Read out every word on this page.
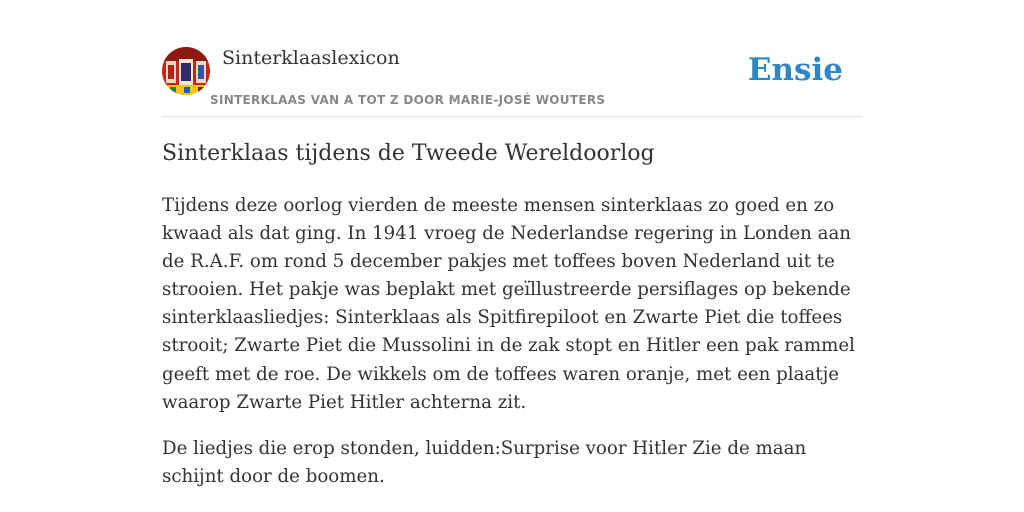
Sinterklaaslexicon
SINTERKLAAS VAN A TOT Z DOOR MARIE-JOSÉ WOUTERS
Ensie
Sinterklaas tijdens de Tweede Wereldoorlog

Tijdens deze oorlog vierden de meeste mensen sinterklaas zo goed en zo kwaad als dat ging. In 1941 vroeg de Nederlandse regering in Londen aan de R.A.F. om rond 5 december pakjes met toffees boven Nederland uit te strooien. Het pakje was beplakt met geïllustreerde persiflages op bekende sinterklaasliedjes: Sinterklaas als Spitfirepiloot en Zwarte Piet die toffees strooit; Zwarte Piet die Mussolini in de zak stopt en Hitler een pak rammel geeft met de roe. De wikkels om de toffees waren oranje, met een plaatje waarop Zwarte Piet Hitler achterna zit.

De liedjes die erop stonden, luidden:Surprise voor Hitler Zie de maan schijnt door de boomen.
